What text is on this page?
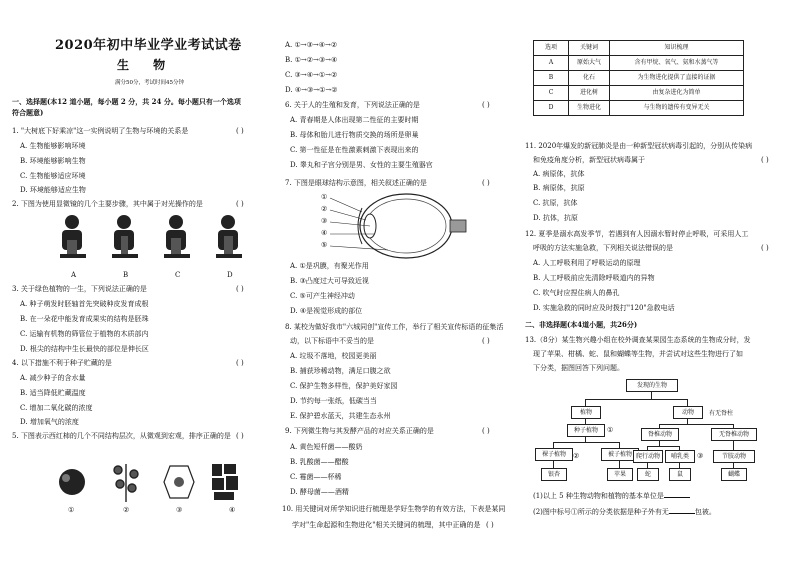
2020年初中毕业学业考试试卷
生 物
满分50分，考试时间45分钟
一、选择题(本12 道小题，每小题 2 分，共 24 分。每小题只有一个选项
符合题意)
1. "大树底下好乘凉"这一实例说明了生物与环境的关系是	( )
A. 生物能够影响环境
B. 环境能够影响生物
C. 生物能够适应环境
D. 环境能够适应生物
2. 下图为使用显微镜的几个主要步骤，其中属于对光操作的是	( )
A	B	C	D
3. 关于绿色植物的一生，下列说法正确的是	( )
A. 种子萌发时胚轴首先突破种皮发育成根
B. 在一朵花中能发育成果实的结构是胚珠
C. 运输有机物的筛管位于植物的木质部内
D. 根尖的结构中生长最快的部位是伸长区
4. 以下措施不利于种子贮藏的是	( )
A. 减少种子的含水量
B. 适当降低贮藏温度
C. 增加二氧化碳的浓度
D. 增加氧气的浓度
5. 下图表示西红柿的几个不同结构层次，从微观到宏观，排序正确的是 ( )
①	②	③	④
A. ①→③→④→②
B. ①→②→③→④
C. ③→④→①→②
D. ④→③→①→②
6. 关于人的生殖和发育，下列说法正确的是	( )
A. 青春期是人体出现第二性征的主要时期
B. 母体和胎儿进行物质交换的场所是卵巢
C. 第一性征是在性激素刺激下表现出来的
D. 睾丸和子宫分别是男、女性的主要生殖器官
7. 下图是眼球结构示意图，相关叙述正确的是	( )
①
②
③
④
⑤
A. ①是巩膜，有聚光作用
B. ③凸度过大可导致近视
C. ⑤可产生神经冲动
D. ④是视觉形成的部位
8. 某校为做好我市"六城同创"宣传工作，举行了相关宣传标语的征集活
动，以下标语中不妥当的是	( )
A. 垃圾不落地，校园更美丽
B. 捕获珍稀动物，满足口腹之欲
C. 保护生物多样性，保护美好家园
D. 节约每一张纸，低碳当当
E. 保护碧水蓝天，共建生态永州
9. 下列微生物与其发酵产品的对应关系正确的是	( )
A. 黄色短杆菌——酸奶
B. 乳酸菌——醋酸
C. 霉菌——杯稀
D. 酵母菌——酒精
10. 用关键词对所学知识进行梳理是学好生物学的有效方法，下表是某同
学对"生命起源和生物进化"相关关键词的梳理，其中正确的是 ( )
选项	关键词	知识梳理
A	原始大气	含有甲烷、氧气、氨和水蒸气等
B	化石	为生物进化提供了直接的证据
C	进化树	由复杂进化为简单
D	生物进化	与生物的遗传有变异无关
11. 2020年爆发的新冠肺炎是由一种新型冠状病毒引起的，分别从传染病
和免疫角度分析，新型冠状病毒属于	( )
A. 病原体，抗体
B. 病原体，抗原
C. 抗原，抗体
D. 抗体，抗原
12. 夏季是溺水高发季节，若遇到有人因溺水暂时停止呼吸，可采用人工
呼吸的方法实施急救，下列相关说法错误的是	( )
A. 人工呼吸利用了呼吸运动的原理
B. 人工呼吸前应先清除呼吸道内的异物
C. 吹气时应捏住病人的鼻孔
D. 实施急救的同时应及时拨打"120"急救电话
二、非选择题(本4道小题，共26分)
13.（8分）某生物兴趣小组在校外调查某果园生态系统的生物成分时，发
现了苹果、柑橘、蛇、鼠和蝴蝶等生物，并尝试对这些生物进行了如
下分类，据图回答下列问题。
发现的生物
植物	动物	有无脊柱
种子植物	①
脊椎动物	无脊椎动物
裸子植物	被子植物 爬行动物	哺乳类	节肢动物
②	③
银杏	苹果	蛇	鼠	蝴蝶
(1)以上 5 种生物动物和植物的基本单位是
(2)图中标号①所示的分类依据是种子外有无	包被。
